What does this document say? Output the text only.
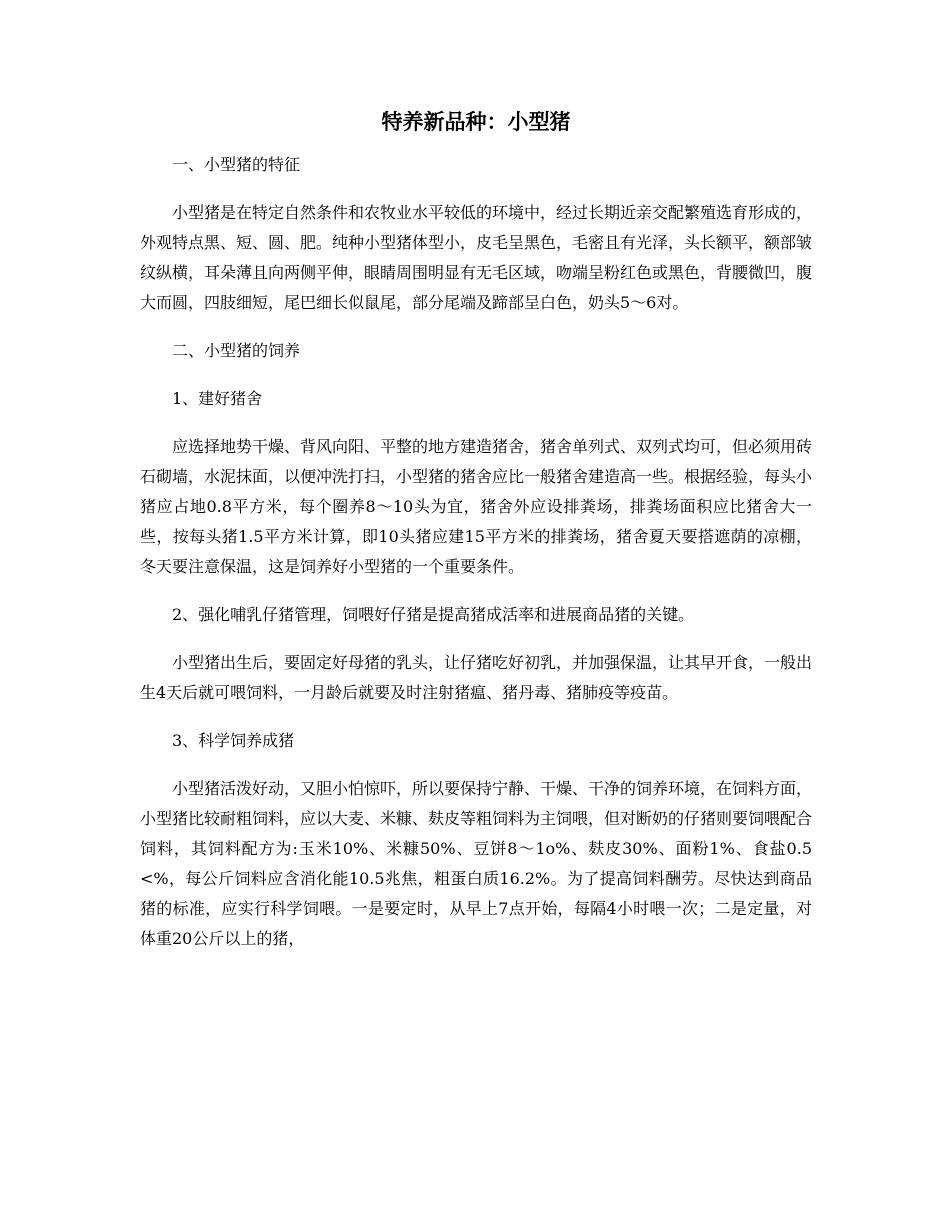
特养新品种：小型猪

一、小型猪的特征

小型猪是在特定自然条件和农牧业水平较低的环境中，经过长期近亲交配繁殖选育形成的，外观特点黑、短、圆、肥。纯种小型猪体型小，皮毛呈黑色，毛密且有光泽，头长额平，额部皱纹纵横，耳朵薄且向两侧平伸，眼睛周围明显有无毛区域，吻端呈粉红色或黑色，背腰微凹，腹大而圆，四肢细短，尾巴细长似鼠尾，部分尾端及蹄部呈白色，奶头5～6对。

二、小型猪的饲养

1、建好猪舍

应选择地势干燥、背风向阳、平整的地方建造猪舍，猪舍单列式、双列式均可，但必须用砖石砌墙，水泥抹面，以便冲洗打扫，小型猪的猪舍应比一般猪舍建造高一些。根据经验，每头小猪应占地0.8平方米，每个圈养8～10头为宜，猪舍外应设排粪场，排粪场面积应比猪舍大一些，按每头猪1.5平方米计算，即10头猪应建15平方米的排粪场，猪舍夏天要搭遮荫的凉棚，冬天要注意保温，这是饲养好小型猪的一个重要条件。

2、强化哺乳仔猪管理，饲喂好仔猪是提高猪成活率和进展商品猪的关键。

小型猪出生后，要固定好母猪的乳头，让仔猪吃好初乳，并加强保温，让其早开食，一般出生4天后就可喂饲料，一月龄后就要及时注射猪瘟、猪丹毒、猪肺疫等疫苗。

3、科学饲养成猪

小型猪活泼好动，又胆小怕惊吓，所以要保持宁静、干燥、干净的饲养环境，在饲料方面，小型猪比较耐粗饲料，应以大麦、米糠、麸皮等粗饲料为主饲喂，但对断奶的仔猪则要饲喂配合饲料，其饲料配方为:玉米10%、米糠50%、豆饼8～1o%、麸皮30%、面粉1%、食盐0.5<%，每公斤饲料应含消化能10.5兆焦，粗蛋白质16.2%。为了提高饲料酬劳。尽快达到商品猪的标准，应实行科学饲喂。一是要定时，从早上7点开始，每隔4小时喂一次；二是定量，对体重20公斤以上的猪，
